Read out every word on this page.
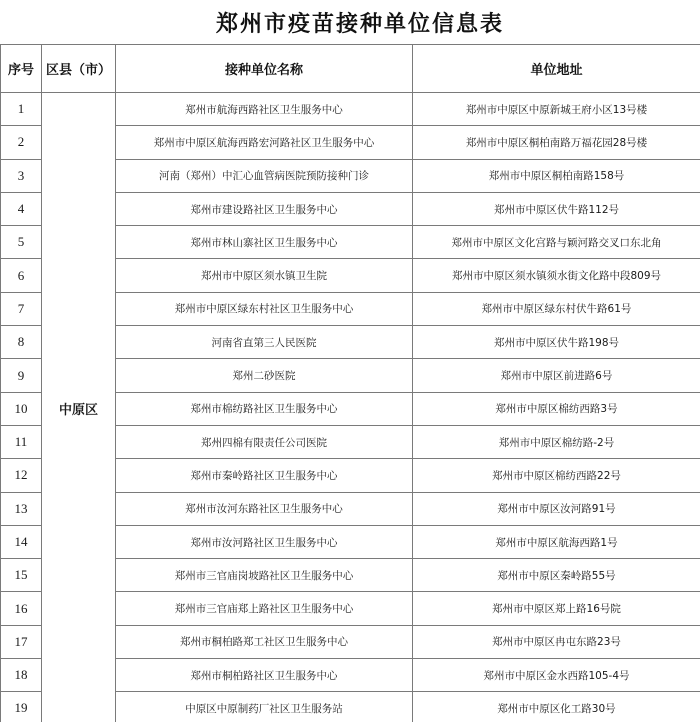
郑州市疫苗接种单位信息表
序号	区县（市）	接种单位名称	单位地址
1	中原区	郑州市航海西路社区卫生服务中心	郑州市中原区中原新城王府小区13号楼
2		郑州市中原区航海西路宏河路社区卫生服务中心	郑州市中原区桐柏南路万福花园28号楼
3		河南（郑州）中汇心血管病医院预防接种门诊	郑州市中原区桐柏南路158号
4		郑州市建设路社区卫生服务中心	郑州市中原区伏牛路112号
5		郑州市林山寨社区卫生服务中心	郑州市中原区文化宫路与颖河路交叉口东北角
6		郑州市中原区须水镇卫生院	郑州市中原区须水镇须水街文化路中段809号
7		郑州市中原区绿东村社区卫生服务中心	郑州市中原区绿东村伏牛路61号
8		河南省直第三人民医院	郑州市中原区伏牛路198号
9		郑州二砂医院	郑州市中原区前进路6号
10		郑州市棉纺路社区卫生服务中心	郑州市中原区棉纺西路3号
11		郑州四棉有限责任公司医院	郑州市中原区棉纺路-2号
12		郑州市秦岭路社区卫生服务中心	郑州市中原区棉纺西路22号
13		郑州市汝河东路社区卫生服务中心	郑州市中原区汝河路91号
14		郑州市汝河路社区卫生服务中心	郑州市中原区航海西路1号
15		郑州市三官庙岗坡路社区卫生服务中心	郑州市中原区秦岭路55号
16		郑州市三官庙郑上路社区卫生服务中心	郑州市中原区郑上路16号院
17		郑州市桐柏路郑工社区卫生服务中心	郑州市中原区冉屯东路23号
18		郑州市桐柏路社区卫生服务中心	郑州市中原区金水西路105-4号
19		中原区中原制药厂社区卫生服务站	郑州市中原区化工路30号
